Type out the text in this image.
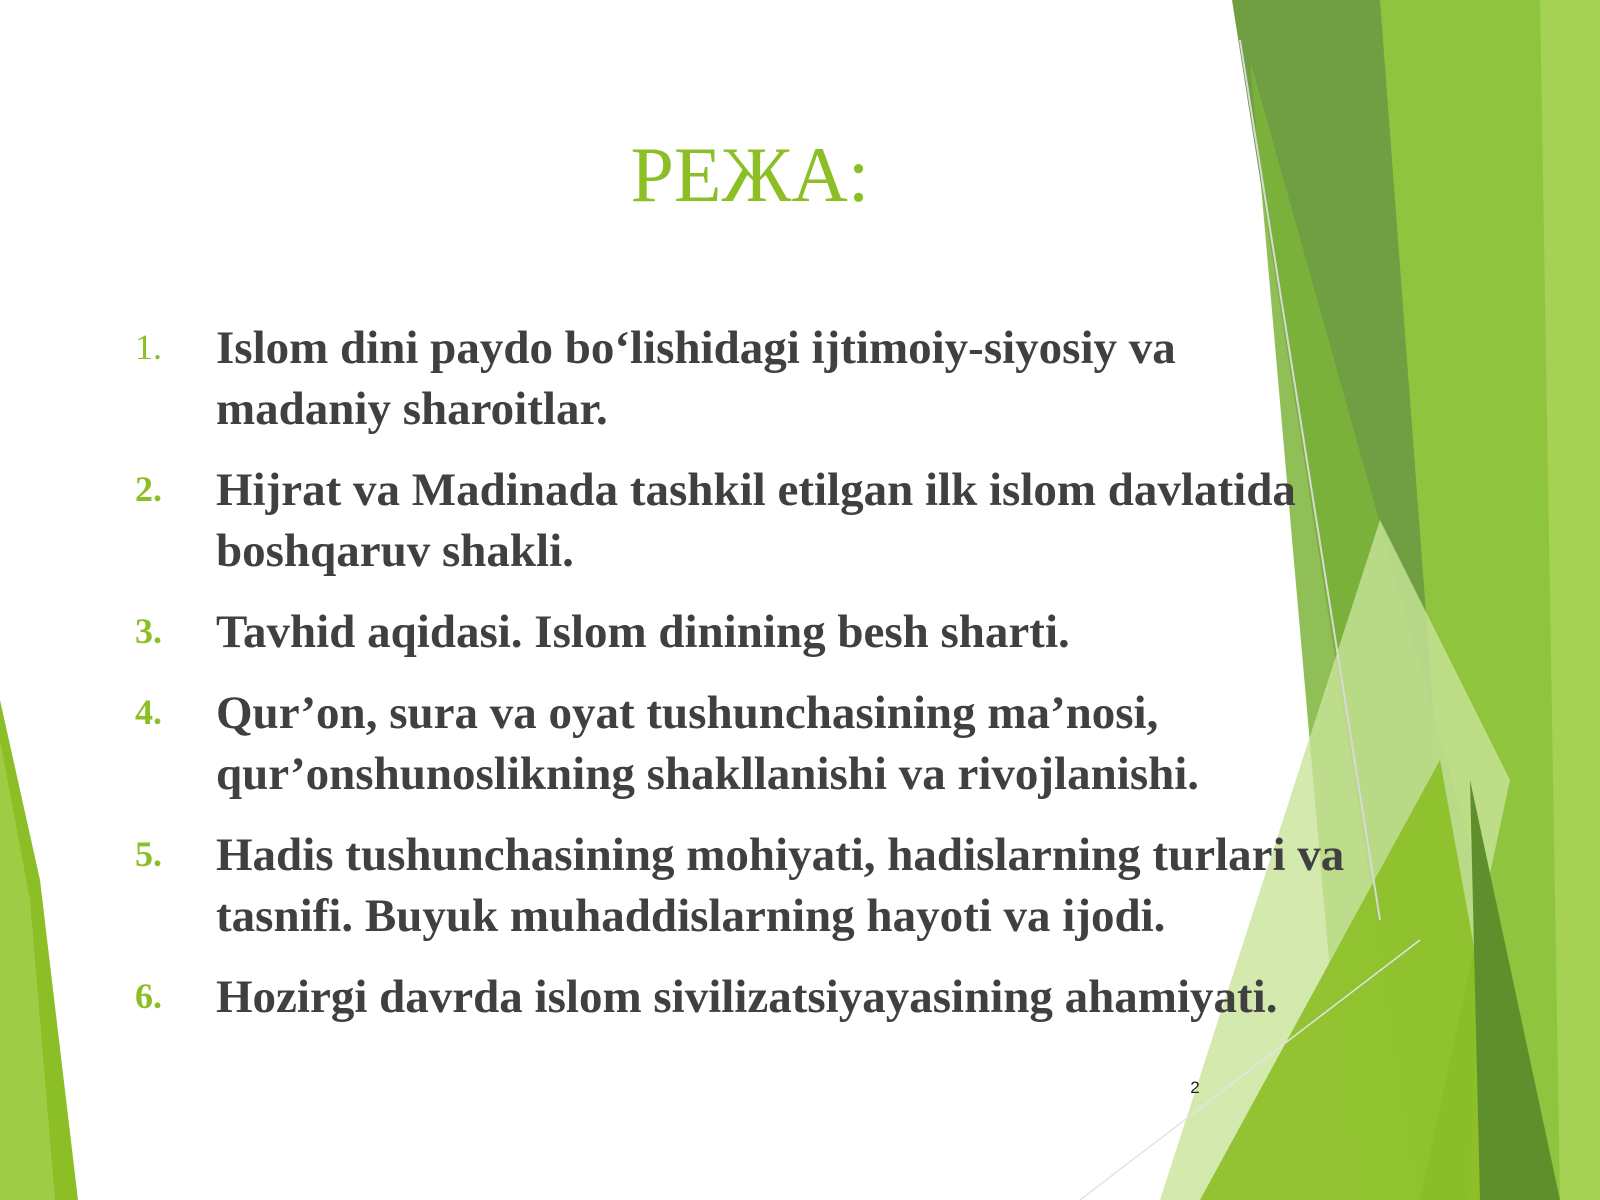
РЕЖА:
1. Islom dini paydo bo‘lishidagi ijtimoiy-siyosiy va madaniy sharoitlar.
2. Hijrat va Madinada tashkil etilgan ilk islom davlatida boshqaruv shakli.
3. Tavhid aqidasi. Islom dinining besh sharti.
4. Qur’on, sura va oyat tushunchasining ma’nosi, qur’onshunoslikning shakllanishi va rivojlanishi.
5. Hadis tushunchasining mohiyati, hadislarning turlari va tasnifi. Buyuk muhaddislarning hayoti va ijodi.
6. Hozirgi davrda islom sivilizatsiyayasining ahamiyati.
2
